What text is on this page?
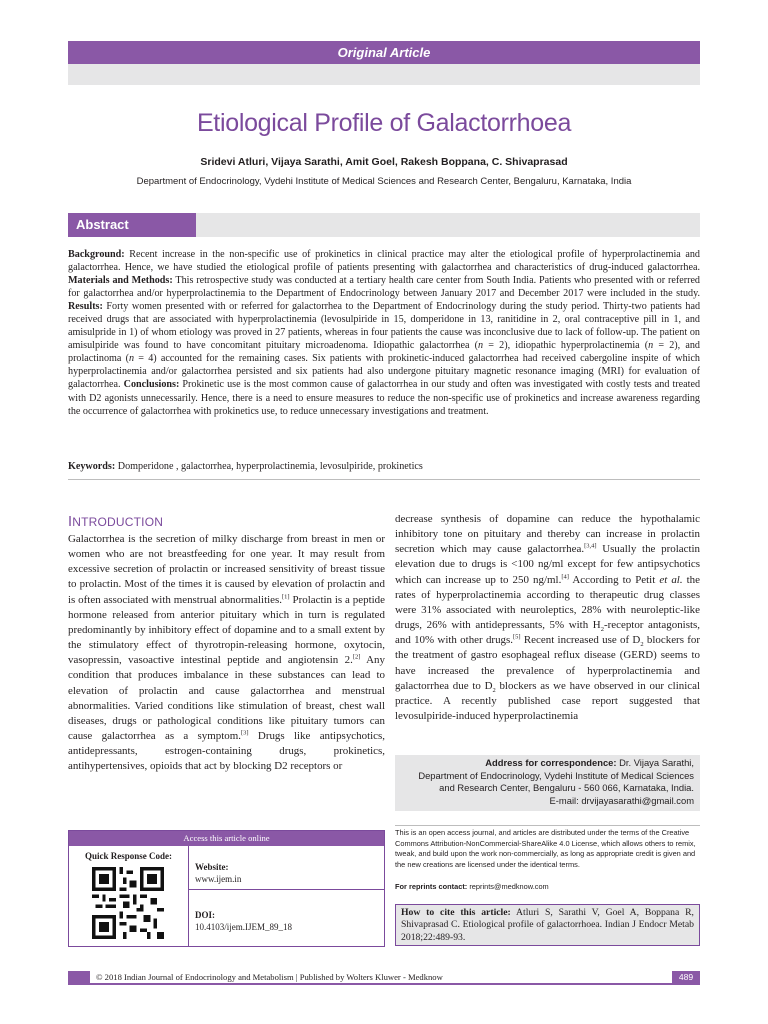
Original Article
Etiological Profile of Galactorrhoea
Sridevi Atluri, Vijaya Sarathi, Amit Goel, Rakesh Boppana, C. Shivaprasad
Department of Endocrinology, Vydehi Institute of Medical Sciences and Research Center, Bengaluru, Karnataka, India
Abstract
Background: Recent increase in the non-specific use of prokinetics in clinical practice may alter the etiological profile of hyperprolactinemia and galactorrhea. Hence, we have studied the etiological profile of patients presenting with galactorrhea and characteristics of drug-induced galactorrhea. Materials and Methods: This retrospective study was conducted at a tertiary health care center from South India. Patients who presented with or referred for galactorrhea and/or hyperprolactinemia to the Department of Endocrinology between January 2017 and December 2017 were included in the study. Results: Forty women presented with or referred for galactorrhea to the Department of Endocrinology during the study period. Thirty-two patients had received drugs that are associated with hyperprolactinemia (levosulpiride in 15, domperidone in 13, ranitidine in 2, oral contraceptive pill in 1, and amisulpride in 1) of whom etiology was proved in 27 patients, whereas in four patients the cause was inconclusive due to lack of follow-up. The patient on amisulpiride was found to have concomitant pituitary microadenoma. Idiopathic galactorrhea (n = 2), idiopathic hyperprolactinemia (n = 2), and prolactinoma (n = 4) accounted for the remaining cases. Six patients with prokinetic-induced galactorrhea had received cabergoline inspite of which hyperprolactinemia and/or galactorrhea persisted and six patients had also undergone pituitary magnetic resonance imaging (MRI) for evaluation of galactorrhea. Conclusions: Prokinetic use is the most common cause of galactorrhea in our study and often was investigated with costly tests and treated with D2 agonists unnecessarily. Hence, there is a need to ensure measures to reduce the non-specific use of prokinetics and increase awareness regarding the occurrence of galactorrhea with prokinetics use, to reduce unnecessary investigations and treatment.
Keywords: Domperidone , galactorrhea, hyperprolactinemia, levosulpiride, prokinetics
INTRODUCTION
Galactorrhea is the secretion of milky discharge from breast in men or women who are not breastfeeding for one year. It may result from excessive secretion of prolactin or increased sensitivity of breast tissue to prolactin. Most of the times it is caused by elevation of prolactin and is often associated with menstrual abnormalities.[1] Prolactin is a peptide hormone released from anterior pituitary which in turn is regulated predominantly by inhibitory effect of dopamine and to a small extent by the stimulatory effect of thyrotropin-releasing hormone, oxytocin, vasopressin, vasoactive intestinal peptide and angiotensin 2.[2] Any condition that produces imbalance in these substances can lead to elevation of prolactin and cause galactorrhea and menstrual abnormalities. Varied conditions like stimulation of breast, chest wall diseases, drugs or pathological conditions like pituitary tumors can cause galactorrhea as a symptom.[3] Drugs like antipsychotics, antidepressants, estrogen-containing drugs, prokinetics, antihypertensives, opioids that act by blocking D2 receptors or
decrease synthesis of dopamine can reduce the hypothalamic inhibitory tone on pituitary and thereby can increase in prolactin secretion which may cause galactorrhea.[3,4] Usually the prolactin elevation due to drugs is <100 ng/ml except for few antipsychotics which can increase up to 250 ng/ml.[4] According to Petit et al. the rates of hyperprolactinemia according to therapeutic drug classes were 31% associated with neuroleptics, 28% with neuroleptic-like drugs, 26% with antidepressants, 5% with $H_2$-receptor antagonists, and 10% with other drugs.[5] Recent increased use of $D_2$ blockers for the treatment of gastro esophageal reflux disease (GERD) seems to have increased the prevalence of hyperprolactinemia and galactorrhea due to $D_2$ blockers as we have observed in our clinical practice. A recently published case report suggested that levosulpiride-induced hyperprolactinemia
Address for correspondence: Dr. Vijaya Sarathi,
Department of Endocrinology, Vydehi Institute of Medical Sciences
and Research Center, Bengaluru - 560 066, Karnataka, India.
E-mail: drvijayasarathi@gmail.com
Access this article online
Quick Response Code:
Website:
www.ijem.in
DOI:
10.4103/ijem.IJEM_89_18
This is an open access journal, and articles are distributed under the terms of the Creative Commons Attribution-NonCommercial-ShareAlike 4.0 License, which allows others to remix, tweak, and build upon the work non-commercially, as long as appropriate credit is given and the new creations are licensed under the identical terms.
For reprints contact: reprints@medknow.com
How to cite this article: Atluri S, Sarathi V, Goel A, Boppana R, Shivaprasad C. Etiological profile of galactorrhoea. Indian J Endocr Metab 2018;22:489-93.
© 2018 Indian Journal of Endocrinology and Metabolism | Published by Wolters Kluwer - Medknow	489
